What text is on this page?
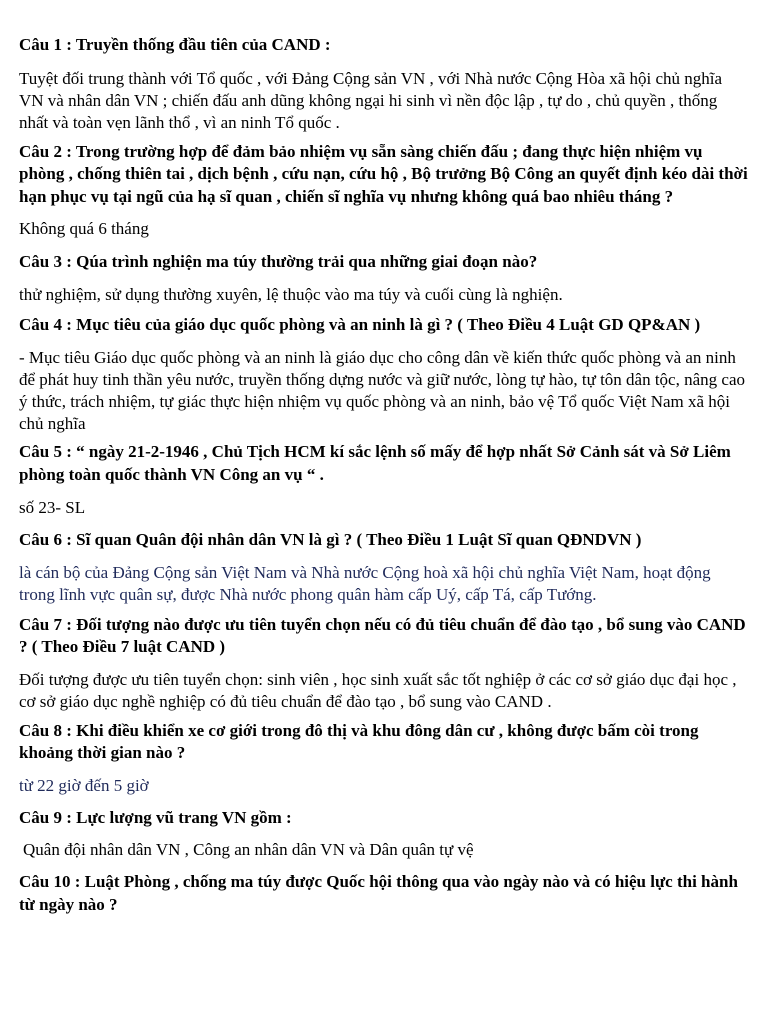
Câu 1 : Truyền thống đầu tiên của CAND :

Tuyệt đối trung thành với Tổ quốc , với Đảng Cộng sản VN , với Nhà nước Cộng Hòa xã hội chủ nghĩa VN và nhân dân VN ; chiến đấu anh dũng không ngại hi sinh vì nền độc lập , tự do , chủ quyền , thống nhất và toàn vẹn lãnh thổ , vì an ninh Tổ quốc .

Câu 2 : Trong trường hợp để đảm bảo nhiệm vụ sẵn sàng chiến đấu ; đang thực hiện nhiệm vụ phòng , chống thiên tai , dịch bệnh , cứu nạn, cứu hộ , Bộ trưởng Bộ Công an quyết định kéo dài thời hạn phục vụ tại ngũ của hạ sĩ quan , chiến sĩ nghĩa vụ nhưng không quá bao nhiêu tháng ?

Không quá 6 tháng

Câu 3 : Qúa trình nghiện ma túy thường trải qua những giai đoạn nào?

thử nghiệm, sử dụng thường xuyên, lệ thuộc vào ma túy và cuối cùng là nghiện.

Câu 4 : Mục tiêu của giáo dục quốc phòng và an ninh là gì ? ( Theo Điều 4 Luật GD QP&AN )

- Mục tiêu Giáo dục quốc phòng và an ninh là giáo dục cho công dân về kiến thức quốc phòng và an ninh để phát huy tinh thần yêu nước, truyền thống dựng nước và giữ nước, lòng tự hào, tự tôn dân tộc, nâng cao ý thức, trách nhiệm, tự giác thực hiện nhiệm vụ quốc phòng và an ninh, bảo vệ Tổ quốc Việt Nam xã hội chủ nghĩa

Câu 5 : “ ngày 21-2-1946 , Chủ Tịch HCM kí sắc lệnh số mấy để hợp nhất Sở Cảnh sát và Sở Liêm phòng toàn quốc thành VN Công an vụ “ .

số 23- SL

Câu 6 : Sĩ quan Quân đội nhân dân VN là gì ? ( Theo Điều 1 Luật Sĩ quan QĐNDVN )

là cán bộ của Đảng Cộng sản Việt Nam và Nhà nước Cộng hoà xã hội chủ nghĩa Việt Nam, hoạt động trong lĩnh vực quân sự, được Nhà nước phong quân hàm cấp Uý, cấp Tá, cấp Tướng.

Câu 7 : Đối tượng nào được ưu tiên tuyển chọn nếu có đủ tiêu chuẩn để đào tạo , bổ sung vào CAND ? ( Theo Điều 7 luật CAND )

Đối tượng được ưu tiên tuyển chọn: sinh viên , học sinh xuất sắc tốt nghiệp ở các cơ sở giáo dục đại học , cơ sở giáo dục nghề nghiệp có đủ tiêu chuẩn để đào tạo , bổ sung vào CAND .

Câu 8 : Khi điều khiển xe cơ giới trong đô thị và khu đông dân cư , không được bấm còi trong khoảng thời gian nào ?

từ 22 giờ đến 5 giờ

Câu 9 : Lực lượng vũ trang VN gồm :

Quân đội nhân dân VN , Công an nhân dân VN và Dân quân tự vệ

Câu 10 : Luật Phòng , chống ma túy được Quốc hội thông qua vào ngày nào và có hiệu lực thi hành từ ngày nào ?
